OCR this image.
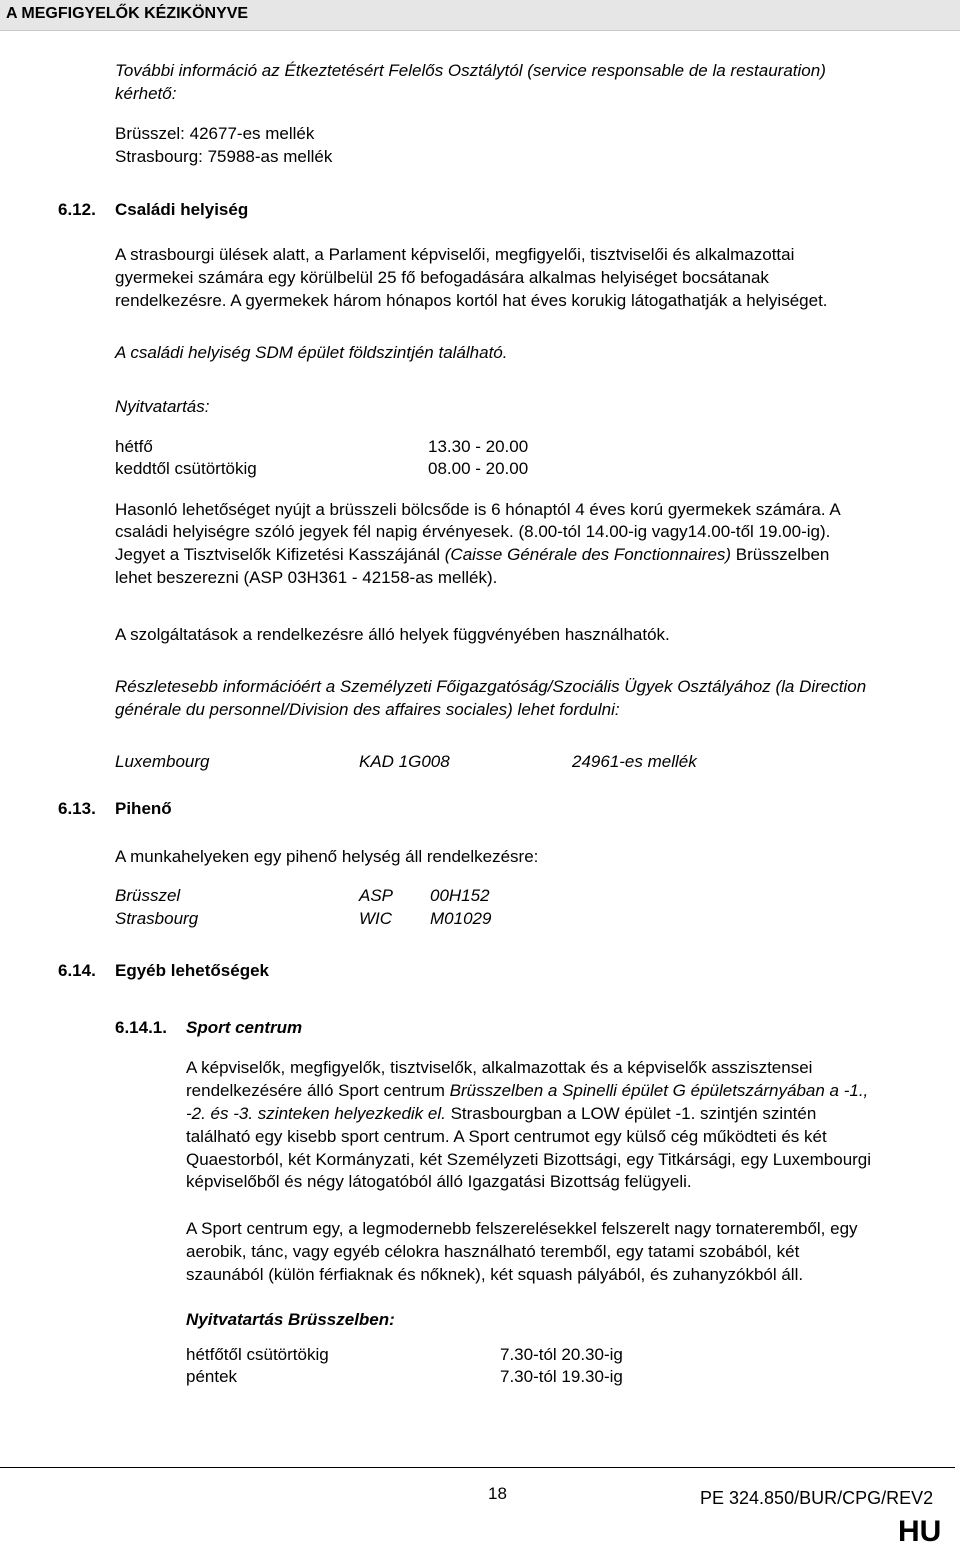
A MEGFIGYELŐK KÉZIKÖNYVE
További információ az Étkeztetésért Felelős Osztálytól (service responsable de la restauration)
kérhető:
Brüsszel: 42677-es mellék
Strasbourg: 75988-as mellék
6.12. Családi helyiség
A strasbourgi ülések alatt, a Parlament képviselői, megfigyelői, tisztviselői és alkalmazottai
gyermekei számára egy körülbelül 25 fő befogadására alkalmas helyiséget bocsátanak
rendelkezésre. A gyermekek három hónapos kortól hat éves korukig látogathatják a helyiséget.
A családi helyiség SDM épület földszintjén található.
Nyitvatartás:
hétfő	13.30 - 20.00
keddtől csütörtökig	08.00 - 20.00
Hasonló lehetőséget nyújt a brüsszeli bölcsőde is 6 hónaptól 4 éves korú gyermekek számára. A
családi helyiségre szóló jegyek fél napig érvényesek. (8.00-tól 14.00-ig vagy14.00-től 19.00-ig).
Jegyet a Tisztviselők Kifizetési Kasszájánál (Caisse Générale des Fonctionnaires) Brüsszelben
lehet beszerezni (ASP 03H361 - 42158-as mellék).
A szolgáltatások a rendelkezésre álló helyek függvényében használhatók.
Részletesebb információért a Személyzeti Főigazgatóság/Szociális Ügyek Osztályához (la Direction
générale du personnel/Division des affaires sociales) lehet fordulni:
Luxembourg	KAD 1G008	24961-es mellék
6.13. Pihenő
A munkahelyeken egy pihenő helység áll rendelkezésre:
Brüsszel	ASP 00H152
Strasbourg	WIC M01029
6.14. Egyéb lehetőségek
6.14.1. Sport centrum
A képviselők, megfigyelők, tisztviselők, alkalmazottak és a képviselők asszisztensei
rendelkezésére álló Sport centrum Brüsszelben a Spinelli épület G épületszárnyában a -1.,
-2. és -3. szinteken helyezkedik el. Strasbourgban a LOW épület -1. szintjén szintén
található egy kisebb sport centrum. A Sport centrumot egy külső cég működteti és két
Quaestorból, két Kormányzati, két Személyzeti Bizottsági, egy Titkársági, egy Luxembourgi
képviselőből és négy látogatóból álló Igazgatási Bizottság felügyeli.
A Sport centrum egy, a legmodernebb felszerelésekkel felszerelt nagy tornateremből, egy
aerobik, tánc, vagy egyéb célokra használható teremből, egy tatami szobából, két
szaunából (külön férfiaknak és nőknek), két squash pályából, és zuhanyzókból áll.
Nyitvatartás Brüsszelben:
hétfőtől csütörtökig	7.30-tól 20.30-ig
péntek	7.30-tól 19.30-ig
18	PE 324.850/BUR/CPG/REV2
HU
